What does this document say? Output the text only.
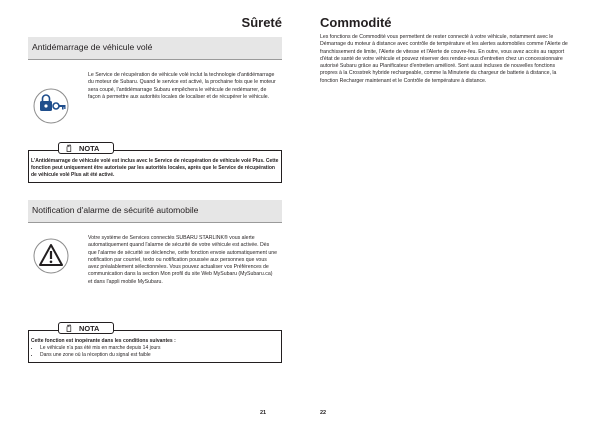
Sûreté
Antidémarrage de véhicule volé
Le Service de récupération de véhicule volé inclut la technologie d'antidémarrage du moteur de Subaru. Quand le service est activé, la prochaine fois que le moteur sera coupé, l'antidémarrage Subaru empêchera le véhicule de redémarrer, de façon à permettre aux autorités locales de localiser et de récupérer le véhicule.
L'Antidémarrage de véhicule volé est inclus avec le Service de récupération de véhicule volé Plus. Cette fonction peut uniquement être autorisée par les autorités locales, après que le Service de récupération de véhicule volé Plus ait été activé.
NOTA
Notification d'alarme de sécurité automobile
Votre système de Services connectés SUBARU STARLINK® vous alerte automatiquement quand l'alarme de sécurité de votre véhicule est activée. Dès que l'alarme de sécurité se déclenche, cette fonction envoie automatiquement une notification par courriel, texto ou notification poussée aux personnes que vous avez préalablement sélectionnées. Vous pouvez actualiser vos Préférences de communication dans la section Mon profil du site Web MySubaru (MySubaru.ca) et dans l'appli mobile MySubaru.
Cette fonction est inopérante dans les conditions suivantes :
• Le véhicule n'a pas été mis en marche depuis 14 jours
• Dans une zone où la réception du signal est faible
NOTA
21
Commodité
Les fonctions de Commodité vous permettent de rester connecté à votre véhicule, notamment avec le Démarrage du moteur à distance avec contrôle de température et les alertes automobiles comme l'Alerte de franchissement de limite, l'Alerte de vitesse et l'Alerte de couvre-feu. En outre, vous avez accès au rapport d'état de santé de votre véhicule et pouvez réserver des rendez-vous d'entretien chez un concessionnaire autorisé Subaru grâce au Planificateur d'entretien amélioré. Sont aussi incluses de nouvelles fonctions propres à la Crosstrek hybride rechargeable, comme la Minuterie du chargeur de batterie à distance, la fonction Recharger maintenant et le Contrôle de température à distance.
22
